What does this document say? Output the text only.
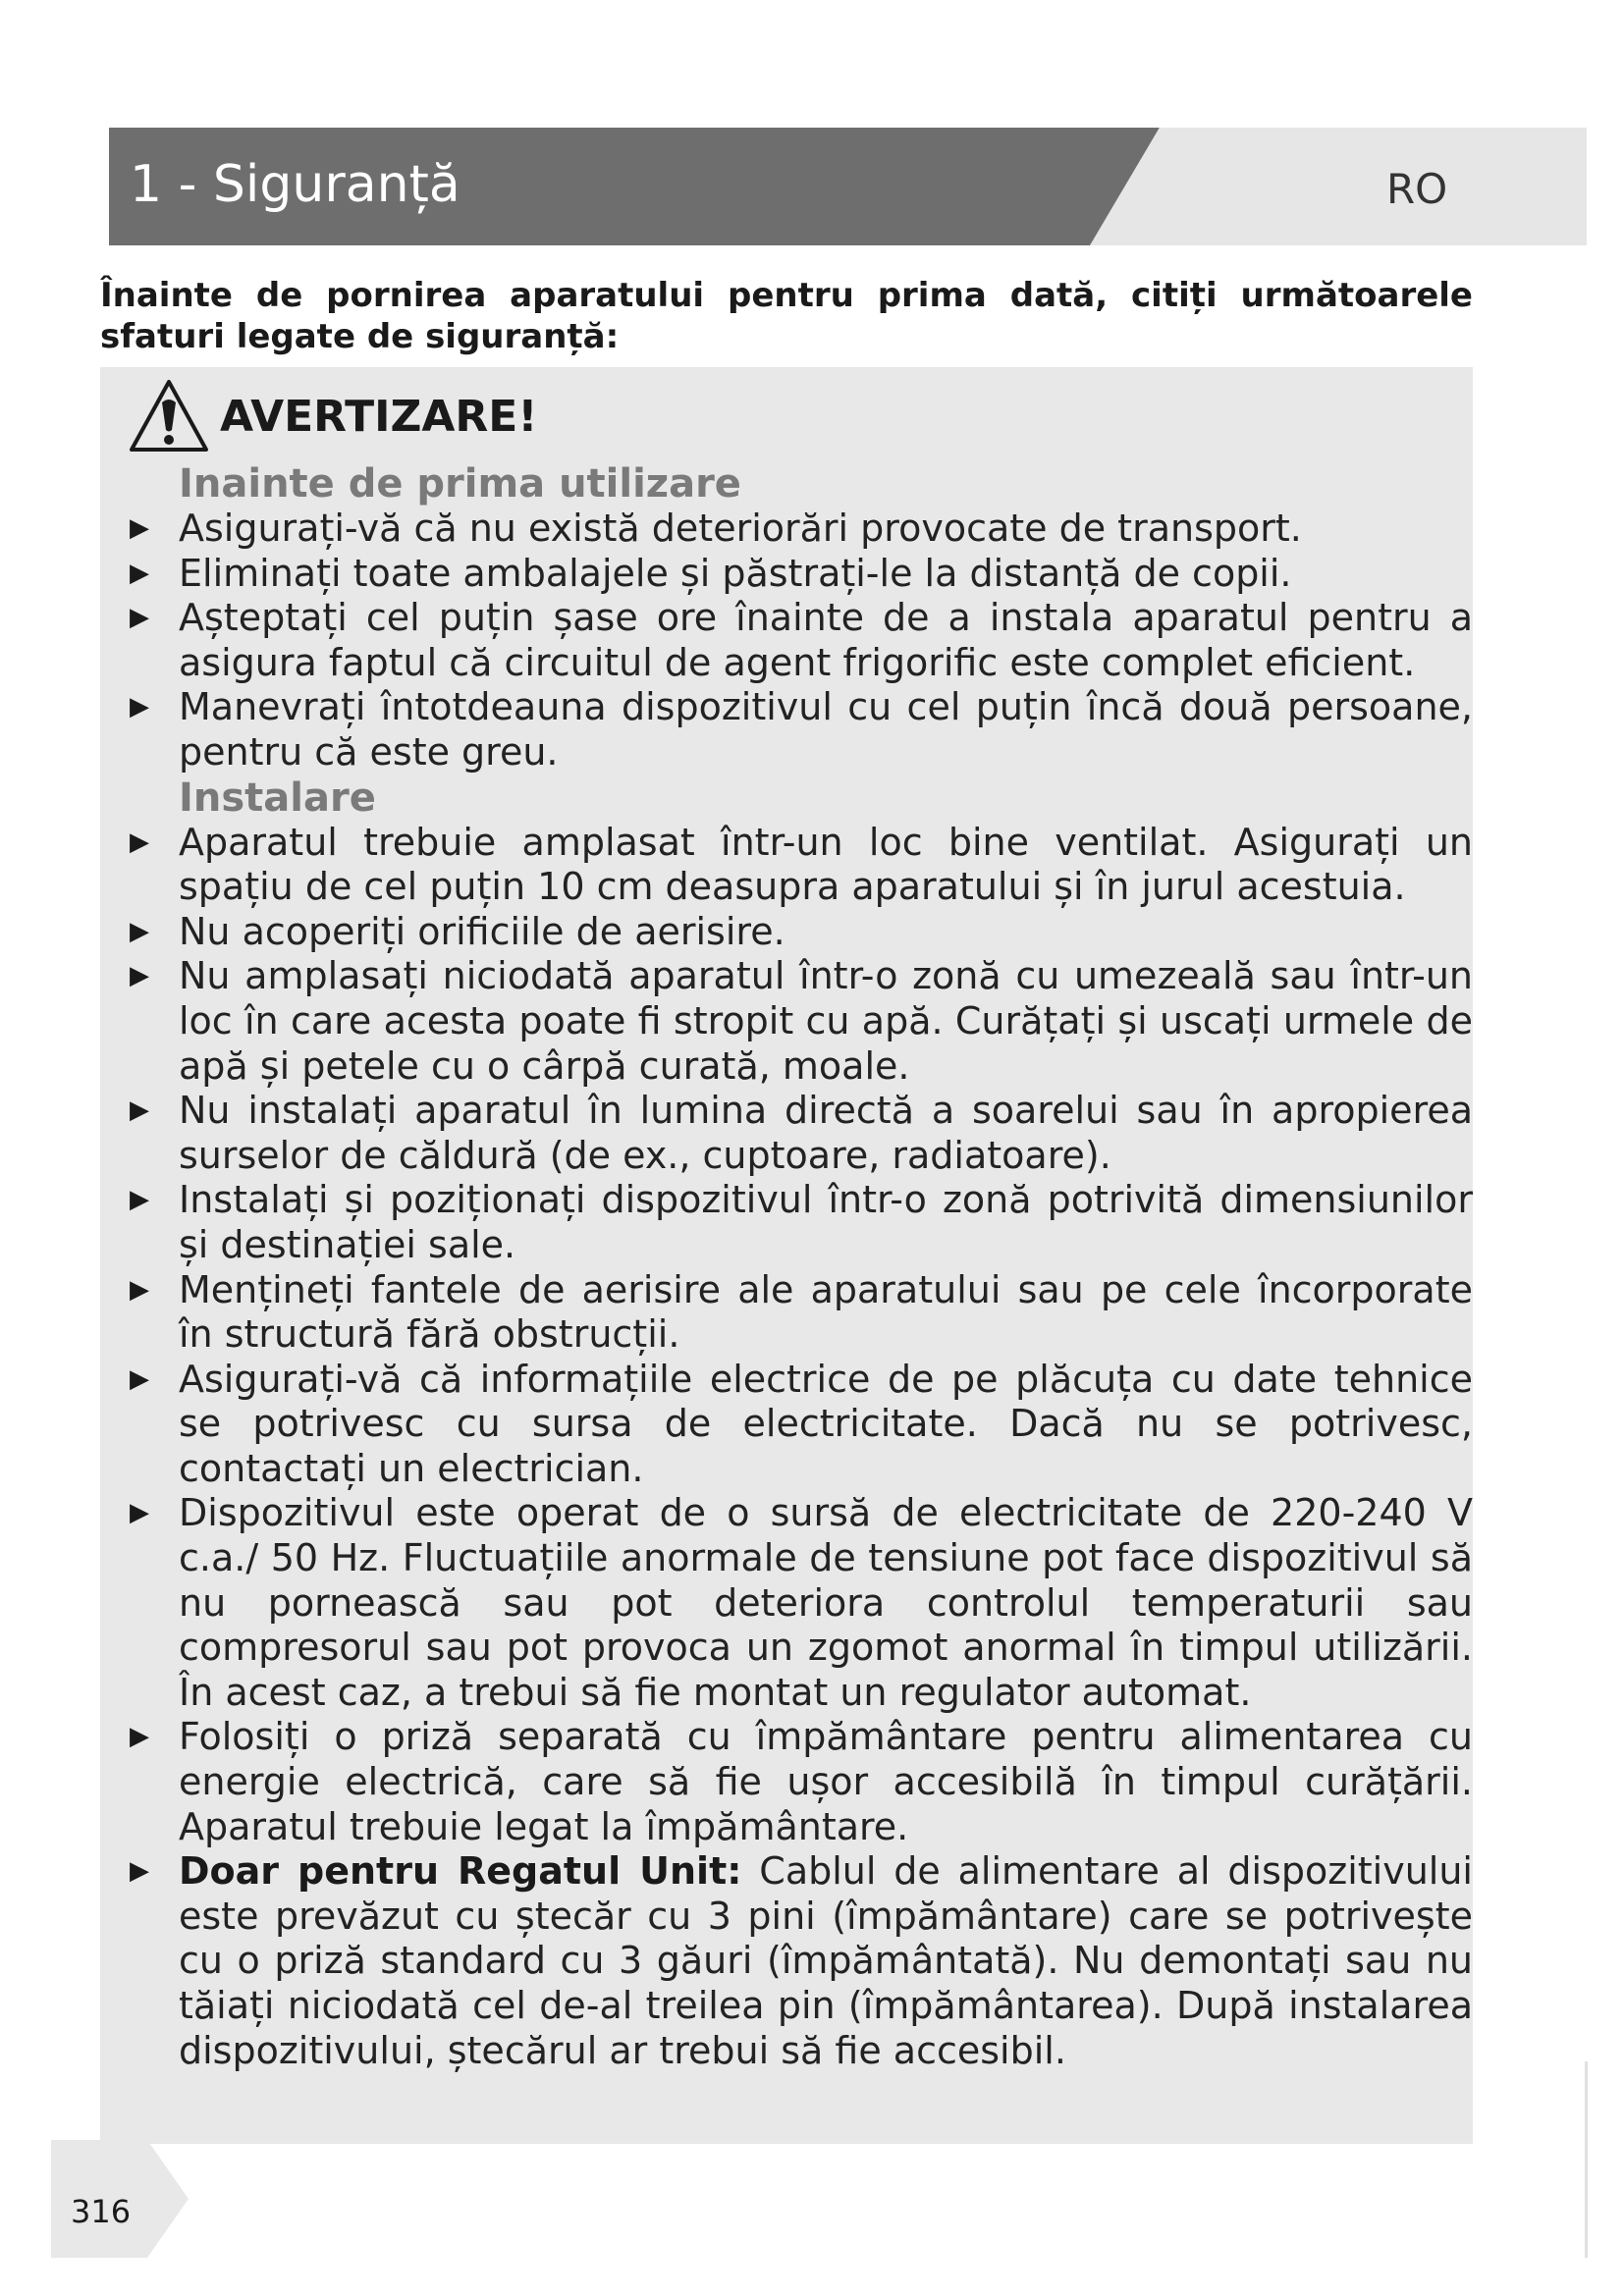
1 - Siguranță	RO
Înainte de pornirea aparatului pentru prima dată, citiți următoarele sfaturi legate de siguranță:
AVERTIZARE!

Inainte de prima utilizare

▶ Asigurați-vă că nu există deteriorări provocate de transport.

▶ Eliminați toate ambalajele și păstrați-le la distanță de copii.

▶ Așteptați cel puțin șase ore înainte de a instala aparatul pentru a asigura faptul că circuitul de agent frigorific este complet eficient.

▶ Manevrați întotdeauna dispozitivul cu cel puțin încă două persoane, pentru că este greu.

Instalare

▶ Aparatul trebuie amplasat într-un loc bine ventilat. Asigurați un spațiu de cel puțin 10 cm deasupra aparatului și în jurul acestuia.

▶ Nu acoperiți orificiile de aerisire.

▶ Nu amplasați niciodată aparatul într-o zonă cu umezeală sau într-un loc în care acesta poate fi stropit cu apă. Curățați și uscați urmele de apă și petele cu o cârpă curată, moale.

▶ Nu instalați aparatul în lumina directă a soarelui sau în apropierea surselor de căldură (de ex., cuptoare, radiatoare).

▶ Instalați și poziționați dispozitivul într-o zonă potrivită dimensiunilor și destinației sale.

▶ Mențineți fantele de aerisire ale aparatului sau pe cele încorporate în structură fără obstrucții.

▶ Asigurați-vă că informațiile electrice de pe plăcuța cu date tehnice se potrivesc cu sursa de electricitate. Dacă nu se potrivesc, contactați un electrician.

▶ Dispozitivul este operat de o sursă de electricitate de 220-240 V c.a./ 50 Hz. Fluctuațiile anormale de tensiune pot face dispozitivul să nu pornească sau pot deteriora controlul temperaturii sau compresorul sau pot provoca un zgomot anormal în timpul utilizării. În acest caz, a trebui să fie montat un regulator automat.

▶ Folosiți o priză separată cu împământare pentru alimentarea cu energie electrică, care să fie ușor accesibilă în timpul curățării. Aparatul trebuie legat la împământare.

▶ Doar pentru Regatul Unit: Cablul de alimentare al dispozitivului este prevăzut cu ștecăr cu 3 pini (împământare) care se potrivește cu o priză standard cu 3 găuri (împământată). Nu demontați sau nu tăiați niciodată cel de-al treilea pin (împământarea). După instalarea dispozitivului, ștecărul ar trebui să fie accesibil.

316
